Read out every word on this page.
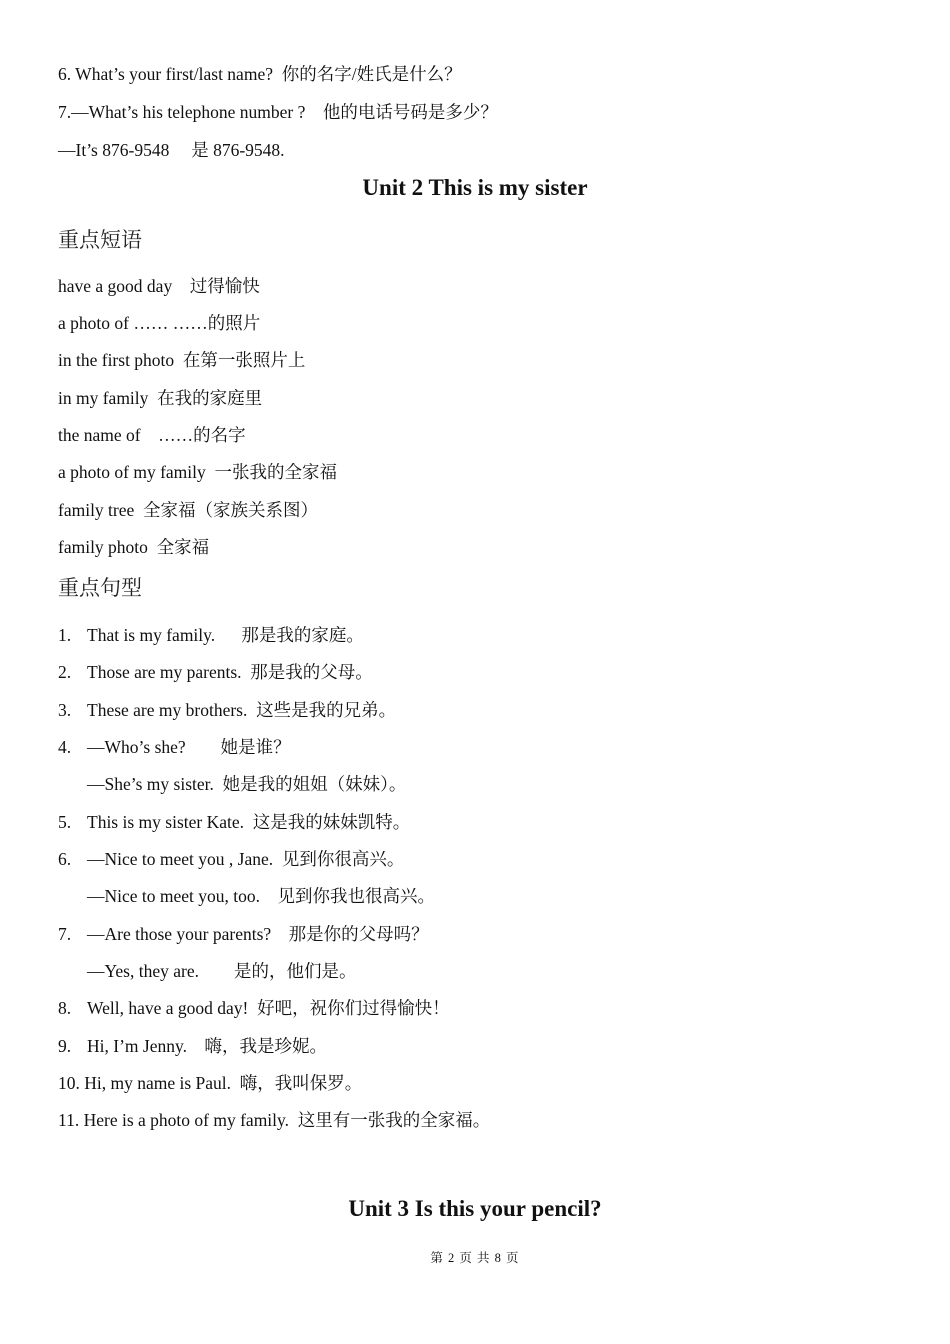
6. What’s your first/last name?  你的名字/姓氏是什么？
7.—What’s his telephone number ?    他的电话号码是多少？
—It’s 876-9548     是 876-9548.
Unit 2 This is my sister
重点短语
have a good day    过得愉快
a photo of …… ……的照片
in the first photo  在第一张照片上
in my family  在我的家庭里
the name of    ……的名字
a photo of my family  一张我的全家福
family tree  全家福（家族关系图）
family photo  全家福
重点句型
1. That is my family.      那是我的家庭。
2. Those are my parents.  那是我的父母。
3. These are my brothers.  这些是我的兄弟。
4. —Who’s she?        她是谁？
—She’s my sister.  她是我的姐姐（妹妹）。
5. This is my sister Kate.  这是我的妹妹凯特。
6. —Nice to meet you , Jane.  见到你很高兴。
—Nice to meet you, too.    见到你我也很高兴。
7. —Are those your parents?    那是你的父母吗？
—Yes, they are.        是的，他们是。
8. Well, have a good day!  好吧，祝你们过得愉快！
9. Hi, I’m Jenny.    嗨，我是珍妮。
10. Hi, my name is Paul.  嗨，我叫保罗。
11. Here is a photo of my family.  这里有一张我的全家福。
Unit 3 Is this your pencil?
第 2 页 共 8 页
